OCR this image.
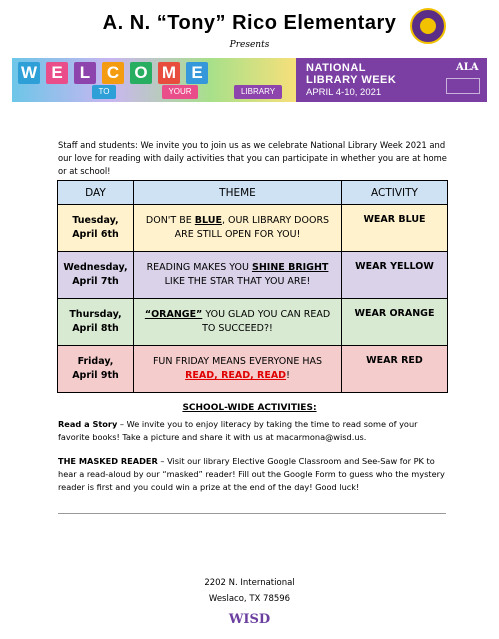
A. N. “Tony” Rico Elementary
Presents
W E	L C O M E
TO	YOUR	LIBRARY
NATIONAL
LIBRARY WEEK
APRIL 4-10, 2021
ALA
Staff and students: We invite you to join us as we celebrate National Library Week 2021 and our love for reading with daily activities that you can participate in whether you are at home or at school!
DAY	THEME	ACTIVITY
Tuesday,
April 6th	DON'T BE BLUE, OUR LIBRARY DOORS ARE STILL OPEN FOR YOU!	WEAR BLUE
Wednesday,
April 7th	READING MAKES YOU SHINE BRIGHT LIKE THE STAR THAT YOU ARE!	WEAR YELLOW
Thursday,
April 8th	“ORANGE” YOU GLAD YOU CAN READ TO SUCCEED?!	WEAR ORANGE
Friday,
April 9th	FUN FRIDAY MEANS EVERYONE HAS READ, READ, READ!	WEAR RED
SCHOOL-WIDE ACTIVITIES:
Read a Story – We invite you to enjoy literacy by taking the time to read some of your favorite books! Take a picture and share it with us at macarmona@wisd.us.
THE MASKED READER – Visit our library Elective Google Classroom and See-Saw for PK to hear a read-aloud by our “masked” reader! Fill out the Google Form to guess who the mystery reader is first and you could win a prize at the end of the day! Good luck!
2202 N. International
Weslaco, TX 78596
WISD
